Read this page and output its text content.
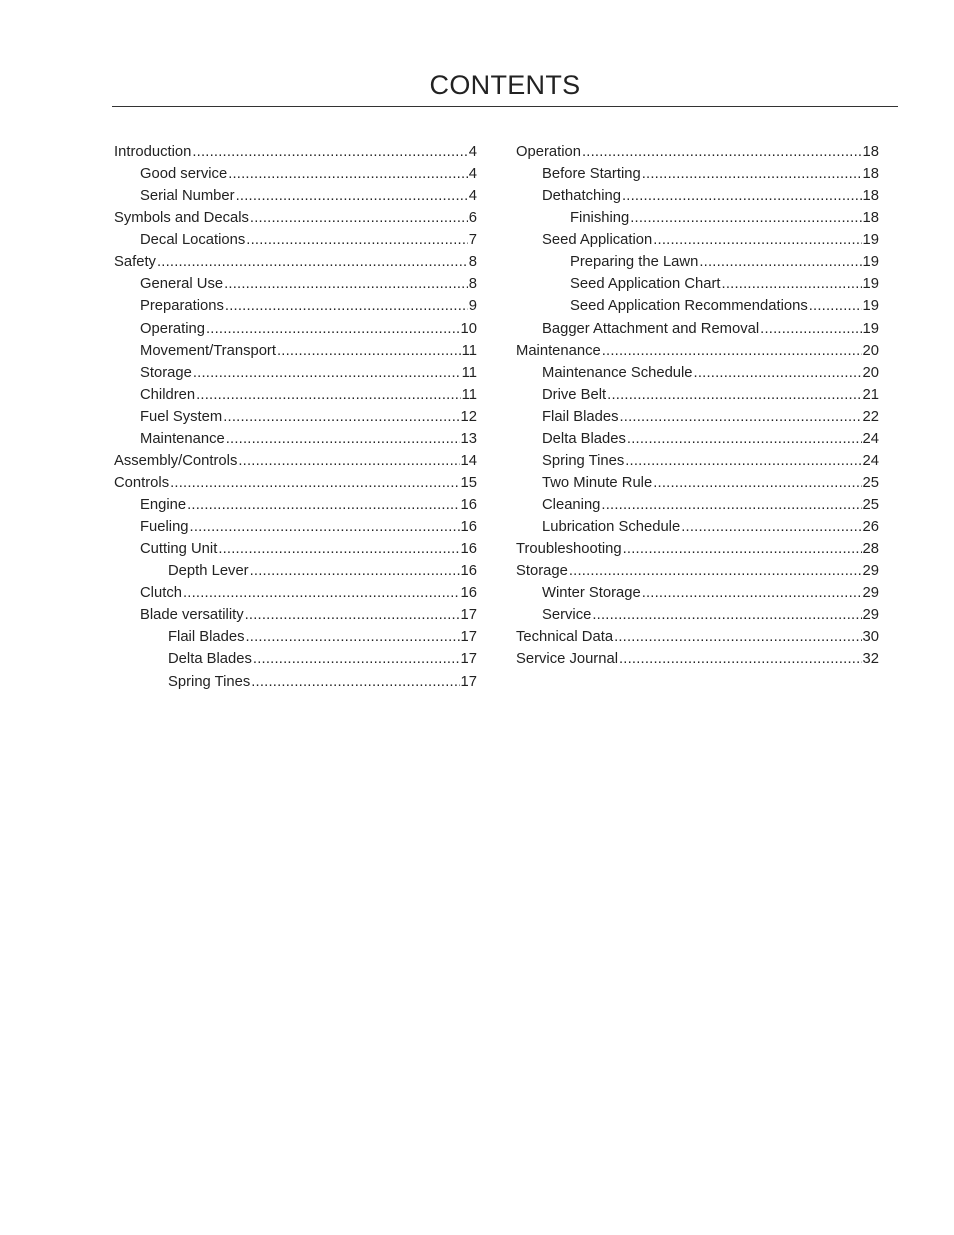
CONTENTS
Introduction .....	4
Good service .....	4
Serial Number .....	4
Symbols and Decals .....	6
Decal Locations .....	7
Safety .....	8
General Use .....	8
Preparations .....	9
Operating .....	10
Movement/Transport .....	11
Storage .....	11
Children .....	11
Fuel System .....	12
Maintenance .....	13
Assembly/Controls .....	14
Controls .....	15
Engine .....	16
Fueling .....	16
Cutting Unit .....	16
Depth Lever .....	16
Clutch .....	16
Blade versatility .....	17
Flail Blades .....	17
Delta Blades .....	17
Spring Tines .....	17
Operation .....	18
Before Starting .....	18
Dethatching .....	18
Finishing .....	18
Seed Application .....	19
Preparing the Lawn .....	19
Seed Application Chart .....	19
Seed Application Recommendations .....	19
Bagger Attachment and Removal .....	19
Maintenance .....	20
Maintenance Schedule .....	20
Drive Belt .....	21
Flail Blades .....	22
Delta Blades .....	24
Spring Tines .....	24
Two Minute Rule .....	25
Cleaning .....	25
Lubrication Schedule .....	26
Troubleshooting .....	28
Storage .....	29
Winter Storage .....	29
Service .....	29
Technical Data .....	30
Service Journal .....	32
